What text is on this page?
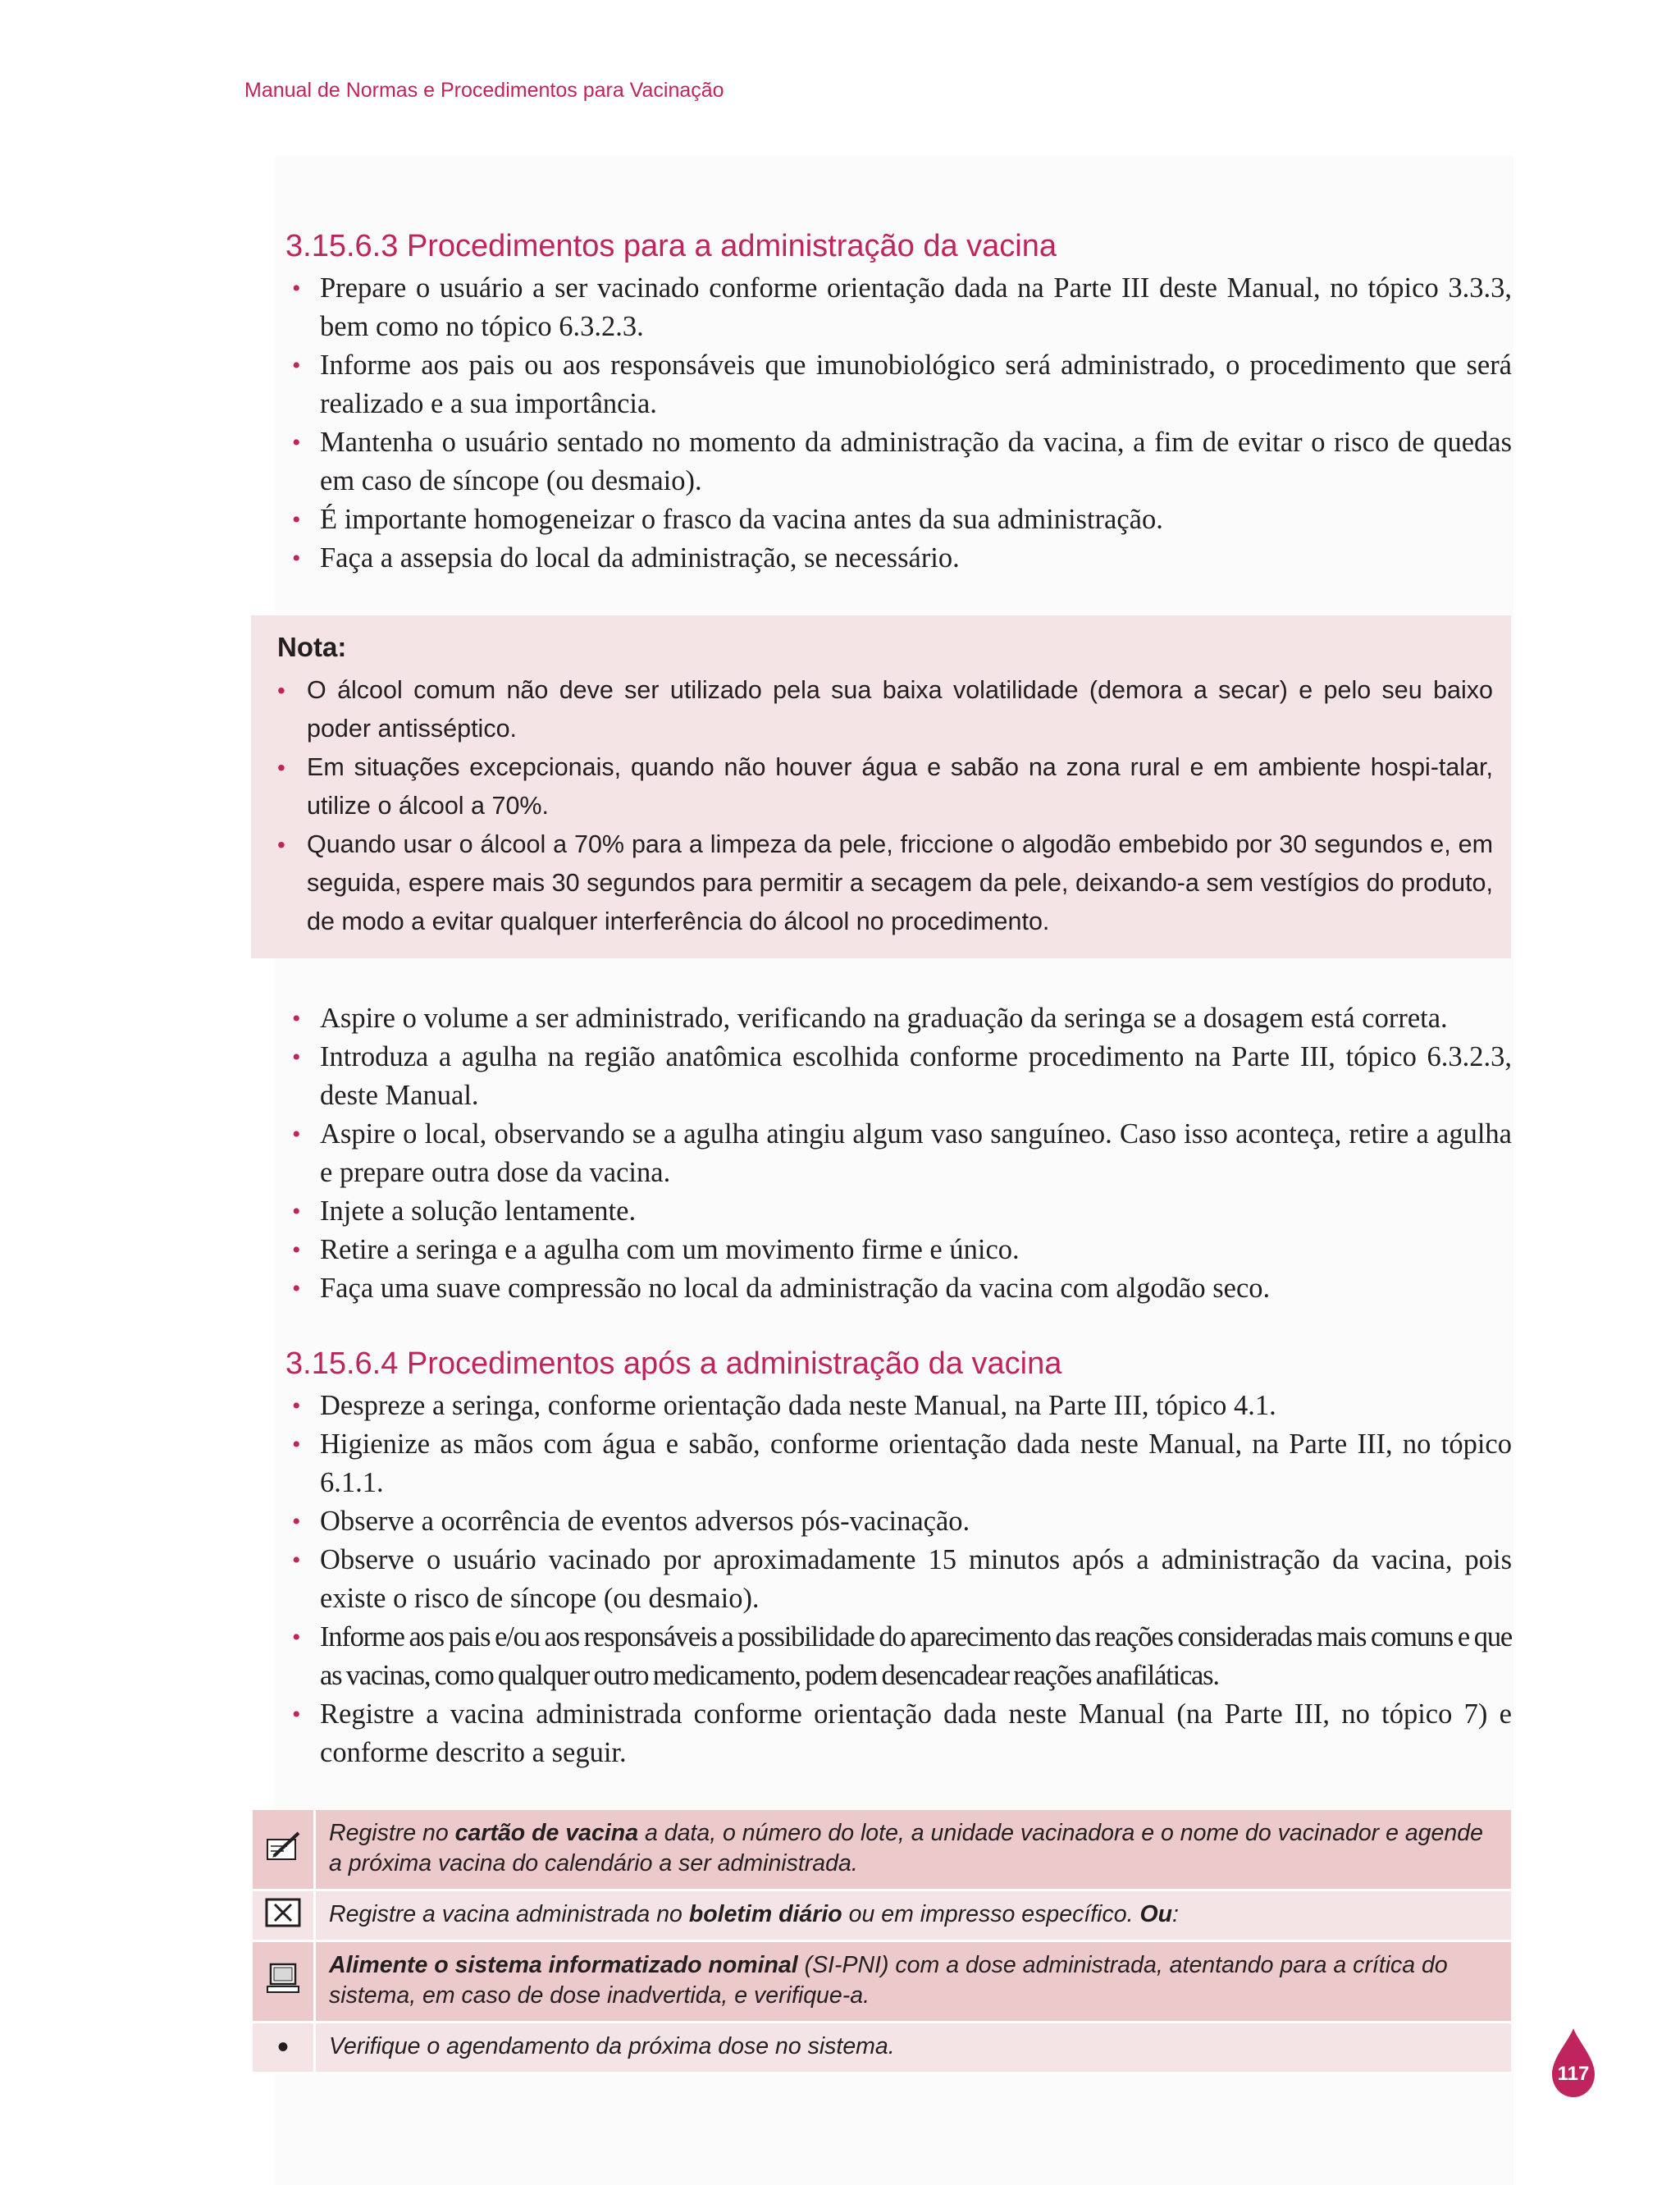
Manual de Normas e Procedimentos para Vacinação
3.15.6.3 Procedimentos para a administração da vacina
• Prepare o usuário a ser vacinado conforme orientação dada na Parte III deste Manual, no tópico 3.3.3, bem como no tópico 6.3.2.3.
• Informe aos pais ou aos responsáveis que imunobiológico será administrado, o procedimento que será realizado e a sua importância.
• Mantenha o usuário sentado no momento da administração da vacina, a fim de evitar o risco de quedas em caso de síncope (ou desmaio).
• É importante homogeneizar o frasco da vacina antes da sua administração.
• Faça a assepsia do local da administração, se necessário.
Nota:
• O álcool comum não deve ser utilizado pela sua baixa volatilidade (demora a secar) e pelo seu baixo poder antisséptico.
• Em situações excepcionais, quando não houver água e sabão na zona rural e em ambiente hospi-talar, utilize o álcool a 70%.
• Quando usar o álcool a 70% para a limpeza da pele, friccione o algodão embebido por 30 segundos e, em seguida, espere mais 30 segundos para permitir a secagem da pele, deixando-a sem vestígios do produto, de modo a evitar qualquer interferência do álcool no procedimento.
• Aspire o volume a ser administrado, verificando na graduação da seringa se a dosagem está correta.
• Introduza a agulha na região anatômica escolhida conforme procedimento na Parte III, tópico 6.3.2.3, deste Manual.
• Aspire o local, observando se a agulha atingiu algum vaso sanguíneo. Caso isso aconteça, retire a agulha e prepare outra dose da vacina.
• Injete a solução lentamente.
• Retire a seringa e a agulha com um movimento firme e único.
• Faça uma suave compressão no local da administração da vacina com algodão seco.
3.15.6.4 Procedimentos após a administração da vacina
• Despreze a seringa, conforme orientação dada neste Manual, na Parte III, tópico 4.1.
• Higienize as mãos com água e sabão, conforme orientação dada neste Manual, na Parte III, no tópico 6.1.1.
• Observe a ocorrência de eventos adversos pós-vacinação.
• Observe o usuário vacinado por aproximadamente 15 minutos após a administração da vacina, pois existe o risco de síncope (ou desmaio).
• Informe aos pais e/ou aos responsáveis a possibilidade do aparecimento das reações consideradas mais comuns e que as vacinas, como qualquer outro medicamento, podem desencadear reações anafiláticas.
• Registre a vacina administrada conforme orientação dada neste Manual (na Parte III, no tópico 7) e conforme descrito a seguir.
	Registre no cartão de vacina a data, o número do lote, a unidade vacinadora e o nome do vacinador e agende a próxima vacina do calendário a ser administrada.
	Registre a vacina administrada no boletim diário ou em impresso específico. Ou:
	Alimente o sistema informatizado nominal (SI-PNI) com a dose administrada, atentando para a crítica do sistema, em caso de dose inadvertida, e verifique-a.
•	Verifique o agendamento da próxima dose no sistema.
117
